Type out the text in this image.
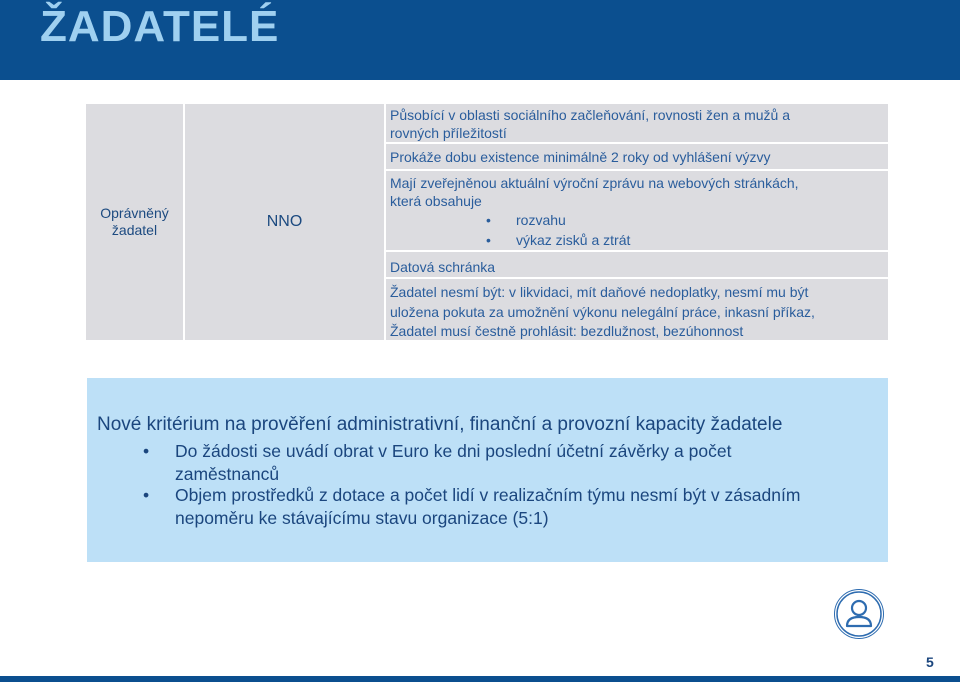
ŽADATELÉ
Oprávněný
žadatel	NNO
Působící v oblasti sociálního začleňování, rovnosti žen a mužů a
rovných příležitostí
Prokáže dobu existence minimálně 2 roky od vyhlášení výzvy
Mají zveřejněnou aktuální výroční zprávu na webových stránkách,
která obsahuje
• rozvahu
• výkaz zisků a ztrát
Datová schránka
Žadatel nesmí být: v likvidaci, mít daňové nedoplatky, nesmí mu být
uložena pokuta za umožnění výkonu nelegální práce, inkasní příkaz,
Žadatel musí čestně prohlásit: bezdlužnost, bezúhonnost
Nové kritérium na prověření administrativní, finanční a provozní kapacity žadatele
• Do žádosti se uvádí obrat v Euro ke dni poslední účetní závěrky a počet
zaměstnanců
• Objem prostředků z dotace a počet lidí v realizačním týmu nesmí být v zásadním
nepoměru ke stávajícímu stavu organizace (5:1)
5
